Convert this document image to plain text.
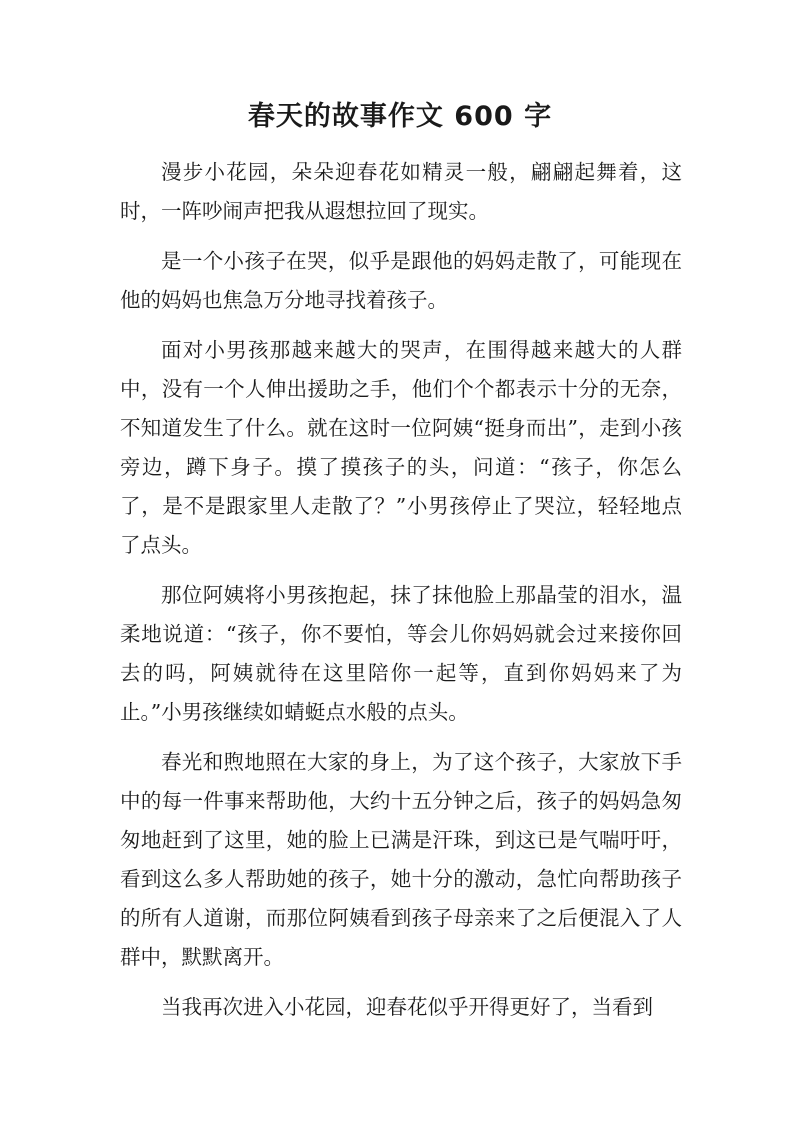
春天的故事作文 600 字

漫步小花园，朵朵迎春花如精灵一般，翩翩起舞着，这时，一阵吵闹声把我从遐想拉回了现实。

是一个小孩子在哭，似乎是跟他的妈妈走散了，可能现在他的妈妈也焦急万分地寻找着孩子。

面对小男孩那越来越大的哭声，在围得越来越大的人群中，没有一个人伸出援助之手，他们个个都表示十分的无奈，不知道发生了什么。就在这时一位阿姨“挺身而出”，走到小孩旁边，蹲下身子。摸了摸孩子的头，问道：“孩子，你怎么了，是不是跟家里人走散了？”小男孩停止了哭泣，轻轻地点了点头。

那位阿姨将小男孩抱起，抹了抹他脸上那晶莹的泪水，温柔地说道：“孩子，你不要怕，等会儿你妈妈就会过来接你回去的吗，阿姨就待在这里陪你一起等，直到你妈妈来了为止。”小男孩继续如蜻蜓点水般的点头。

春光和煦地照在大家的身上，为了这个孩子，大家放下手中的每一件事来帮助他，大约十五分钟之后，孩子的妈妈急匆匆地赶到了这里，她的脸上已满是汗珠，到这已是气喘吁吁，看到这么多人帮助她的孩子，她十分的激动，急忙向帮助孩子的所有人道谢，而那位阿姨看到孩子母亲来了之后便混入了人群中，默默离开。

当我再次进入小花园，迎春花似乎开得更好了，当看到
